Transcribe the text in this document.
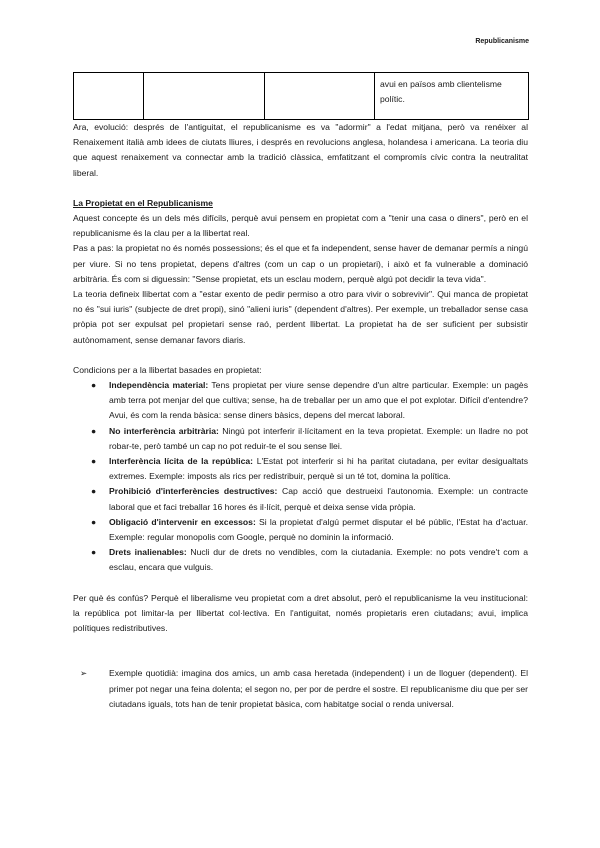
Republicanisme
			avui en països amb clientelisme polític.

Ara, evolució: després de l'antiguitat, el republicanisme es va "adormir" a l'edat mitjana, però va renéixer al Renaixement italià amb idees de ciutats lliures, i després en revolucions anglesa, holandesa i americana. La teoria diu que aquest renaixement va connectar amb la tradició clàssica, emfatitzant el compromís cívic contra la neutralitat liberal.

La Propietat en el Republicanisme

Aquest concepte és un dels més difícils, perquè avui pensem en propietat com a "tenir una casa o diners", però en el republicanisme és la clau per a la llibertat real.

Pas a pas: la propietat no és només possessions; és el que et fa independent, sense haver de demanar permís a ningú per viure. Si no tens propietat, depens d'altres (com un cap o un propietari), i això et fa vulnerable a dominació arbitrària. És com si diguessin: "Sense propietat, ets un esclau modern, perquè algú pot decidir la teva vida".

La teoria defineix llibertat com a "estar exento de pedir permiso a otro para vivir o sobrevivir". Qui manca de propietat no és "sui iuris" (subjecte de dret propi), sinó "alieni iuris" (dependent d'altres). Per exemple, un treballador sense casa pròpia pot ser expulsat pel propietari sense raó, perdent llibertat. La propietat ha de ser suficient per subsistir autònomament, sense demanar favors diaris.

Condicions per a la llibertat basades en propietat:

● Independència material: Tens propietat per viure sense dependre d'un altre particular. Exemple: un pagès amb terra pot menjar del que cultiva; sense, ha de treballar per un amo que el pot explotar. Difícil d'entendre? Avui, és com la renda bàsica: sense diners bàsics, depens del mercat laboral.
● No interferència arbitrària: Ningú pot interferir il·lícitament en la teva propietat. Exemple: un lladre no pot robar-te, però també un cap no pot reduir-te el sou sense llei.
● Interferència lícita de la república: L'Estat pot interferir si hi ha paritat ciutadana, per evitar desigualtats extremes. Exemple: imposts als rics per redistribuir, perquè si un té tot, domina la política.
● Prohibició d'interferències destructives: Cap acció que destrueixi l'autonomia. Exemple: un contracte laboral que et faci treballar 16 hores és il·lícit, perquè et deixa sense vida pròpia.
● Obligació d'intervenir en excessos: Si la propietat d'algú permet disputar el bé públic, l'Estat ha d'actuar. Exemple: regular monopolis com Google, perquè no dominin la informació.
● Drets inalienables: Nucli dur de drets no vendibles, com la ciutadania. Exemple: no pots vendre't com a esclau, encara que vulguis.

Per què és confús? Perquè el liberalisme veu propietat com a dret absolut, però el republicanisme la veu institucional: la república pot limitar-la per llibertat col·lectiva. En l'antiguitat, només propietaris eren ciutadans; avui, implica polítiques redistributives.

➢	Exemple quotidià: imagina dos amics, un amb casa heretada (independent) i un de lloguer (dependent). El primer pot negar una feina dolenta; el segon no, per por de perdre el sostre. El republicanisme diu que per ser ciutadans iguals, tots han de tenir propietat bàsica, com habitatge social o renda universal.
